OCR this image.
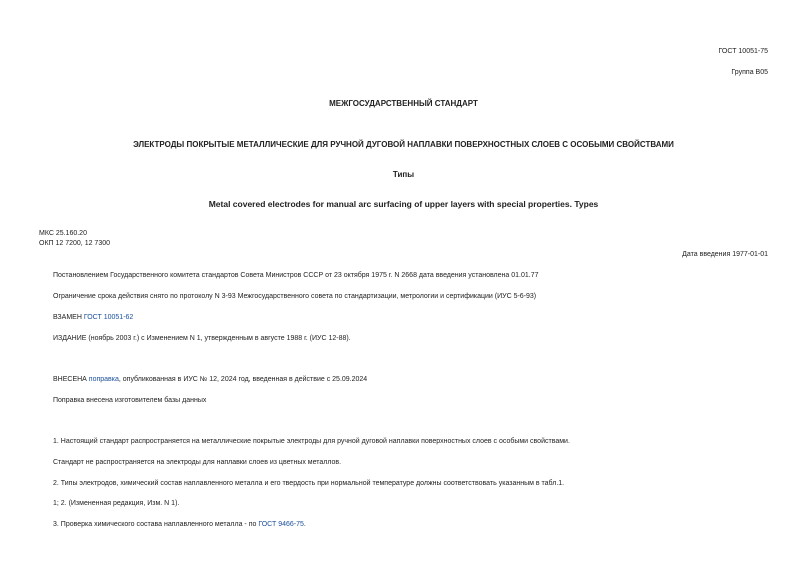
ГОСТ 10051-75
Группа В05
МЕЖГОСУДАРСТВЕННЫЙ СТАНДАРТ
ЭЛЕКТРОДЫ ПОКРЫТЫЕ МЕТАЛЛИЧЕСКИЕ ДЛЯ РУЧНОЙ ДУГОВОЙ НАПЛАВКИ ПОВЕРХНОСТНЫХ СЛОЕВ С ОСОБЫМИ СВОЙСТВАМИ
Типы
Metal covered electrodes for manual arc surfacing of upper layers with special properties. Types
МКС 25.160.20
ОКП 12 7200, 12 7300
Дата введения 1977-01-01
Постановлением Государственного комитета стандартов Совета Министров СССР от 23 октября 1975 г. N 2668 дата введения установлена 01.01.77
Ограничение срока действия снято по протоколу N 3-93 Межгосударственного совета по стандартизации, метрологии и сертификации (ИУС 5-6-93)
ВЗАМЕН ГОСТ 10051-62
ИЗДАНИЕ (ноябрь 2003 г.) с Изменением N 1, утвержденным в августе 1988 г. (ИУС 12-88).
ВНЕСЕНА поправка, опубликованная в ИУС № 12, 2024 год, введенная в действие с 25.09.2024
Поправка внесена изготовителем базы данных
1. Настоящий стандарт распространяется на металлические покрытые электроды для ручной дуговой наплавки поверхностных слоев с особыми свойствами.
Стандарт не распространяется на электроды для наплавки слоев из цветных металлов.
2. Типы электродов, химический состав наплавленного металла и его твердость при нормальной температуре должны соответствовать указанным в табл.1.
1; 2. (Измененная редакция, Изм. N 1).
3. Проверка химического состава наплавленного металла - по ГОСТ 9466-75.
